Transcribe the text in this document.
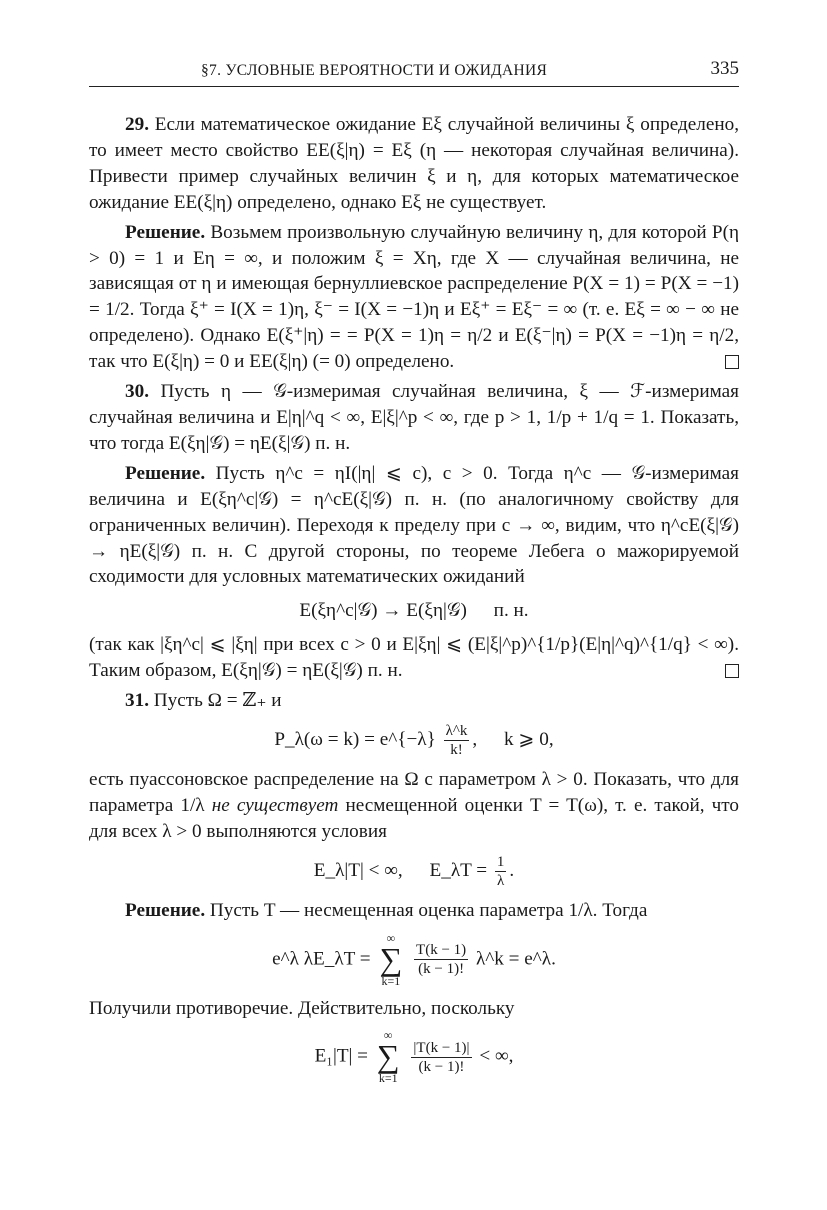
§7. УСЛОВНЫЕ ВЕРОЯТНОСТИ И ОЖИДАНИЯ	335

29. Если математическое ожидание Eξ случайной величины ξ определено, то имеет место свойство EE(ξ|η) = Eξ (η — некоторая случайная величина). Привести пример случайных величин ξ и η, для которых математическое ожидание EE(ξ|η) определено, однако Eξ не существует.

Решение. Возьмем произвольную случайную величину η, для которой P(η > 0) = 1 и Eη = ∞, и положим ξ = Xη, где X — случайная величина, не зависящая от η и имеющая бернуллиевское распределение P(X = 1) = P(X = −1) = 1/2. Тогда ξ⁺ = I(X = 1)η, ξ⁻ = I(X = −1)η и Eξ⁺ = Eξ⁻ = ∞ (т. е. Eξ = ∞ − ∞ не определено). Однако E(ξ⁺|η) = = P(X = 1)η = η/2 и E(ξ⁻|η) = P(X = −1)η = η/2, так что E(ξ|η) = 0 и EE(ξ|η) (= 0) определено.

30. Пусть η — 𝒢-измеримая случайная величина, ξ — ℱ-измеримая случайная величина и E|η|^q < ∞, E|ξ|^p < ∞, где p > 1, 1/p + 1/q = 1. Показать, что тогда E(ξη|𝒢) = ηE(ξ|𝒢) п. н.

Решение. Пусть η^c = ηI(|η| ⩽ c), c > 0. Тогда η^c — 𝒢-измеримая величина и E(ξη^c|𝒢) = η^cE(ξ|𝒢) п. н. (по аналогичному свойству для ограниченных величин). Переходя к пределу при c → ∞, видим, что η^cE(ξ|𝒢) → ηE(ξ|𝒢) п. н. С другой стороны, по теореме Лебега о мажорируемой сходимости для условных математических ожиданий

E(ξη^c|𝒢) → E(ξη|𝒢) п. н.

(так как |ξη^c| ⩽ |ξη| при всех c > 0 и E|ξη| ⩽ (E|ξ|^p)^{1/p}(E|η|^q)^{1/q} < ∞). Таким образом, E(ξη|𝒢) = ηE(ξ|𝒢) п. н.

31. Пусть Ω = ℤ₊ и

P_λ(ω = k) = e^{−λ} $\frac{\lambda\^{}k}{k!}$ , k ⩾ 0,

есть пуассоновское распределение на Ω с параметром λ > 0. Показать, что для параметра 1/λ не существует несмещенной оценки T = T(ω), т. е. такой, что для всех λ > 0 выполняются условия

E_λ|T| < ∞, E_λT = $\frac{1}{\lambda}$ .

Решение. Пусть T — несмещенная оценка параметра 1/λ. Тогда

e^λ λE_λT =
∞
∑
k=1

$\frac{T(k - 1)}{(k - 1)!}$ λ^k = e^λ.

Получили противоречие. Действительно, поскольку

E₁|T| =
∞
∑
k=1

$\frac{|T(k - 1)|}{(k - 1)!}$ < ∞,
